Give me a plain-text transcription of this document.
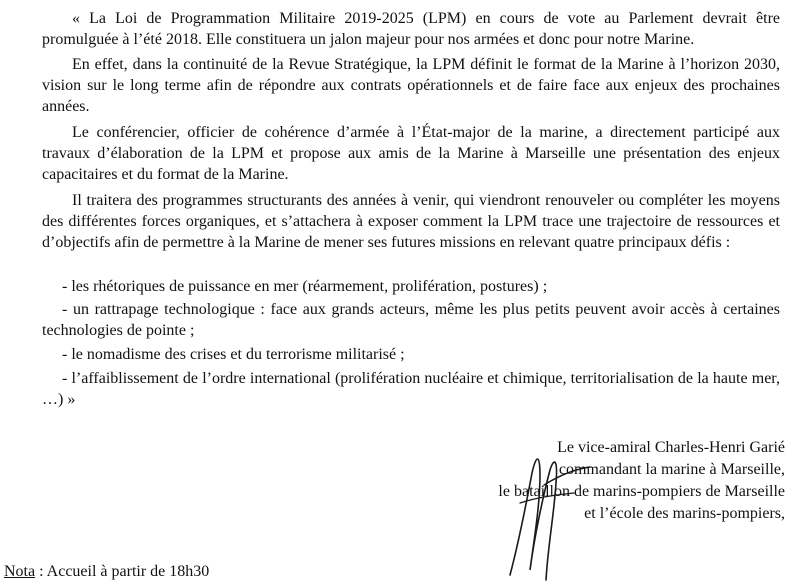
« La Loi de Programmation Militaire 2019-2025 (LPM) en cours de vote au Parlement devrait être promulguée à l’été 2018. Elle constituera un jalon majeur pour nos armées et donc pour notre Marine.

En effet, dans la continuité de la Revue Stratégique, la LPM définit le format de la Marine à l’horizon 2030, vision sur le long terme afin de répondre aux contrats opérationnels et de faire face aux enjeux des prochaines années.

Le conférencier, officier de cohérence d’armée à l’État-major de la marine, a directement participé aux travaux d’élaboration de la LPM et propose aux amis de la Marine à Marseille une présentation des enjeux capacitaires et du format de la Marine.

Il traitera des programmes structurants des années à venir, qui viendront renouveler ou compléter les moyens des différentes forces organiques, et s’attachera à exposer comment la LPM trace une trajectoire de ressources et d’objectifs afin de permettre à la Marine de mener ses futures missions en relevant quatre principaux défis :

- les rhétoriques de puissance en mer (réarmement, prolifération, postures) ;

- un rattrapage technologique : face aux grands acteurs, même les plus petits peuvent avoir accès à certaines technologies de pointe ;

- le nomadisme des crises et du terrorisme militarisé ;

- l’affaiblissement de l’ordre international (prolifération nucléaire et chimique, territorialisation de la haute mer, …) »

Le vice-amiral Charles-Henri Garié
commandant la marine à Marseille,
le bataillon de marins-pompiers de Marseille
et l’école des marins-pompiers,
Nota : Accueil à partir de 18h30
